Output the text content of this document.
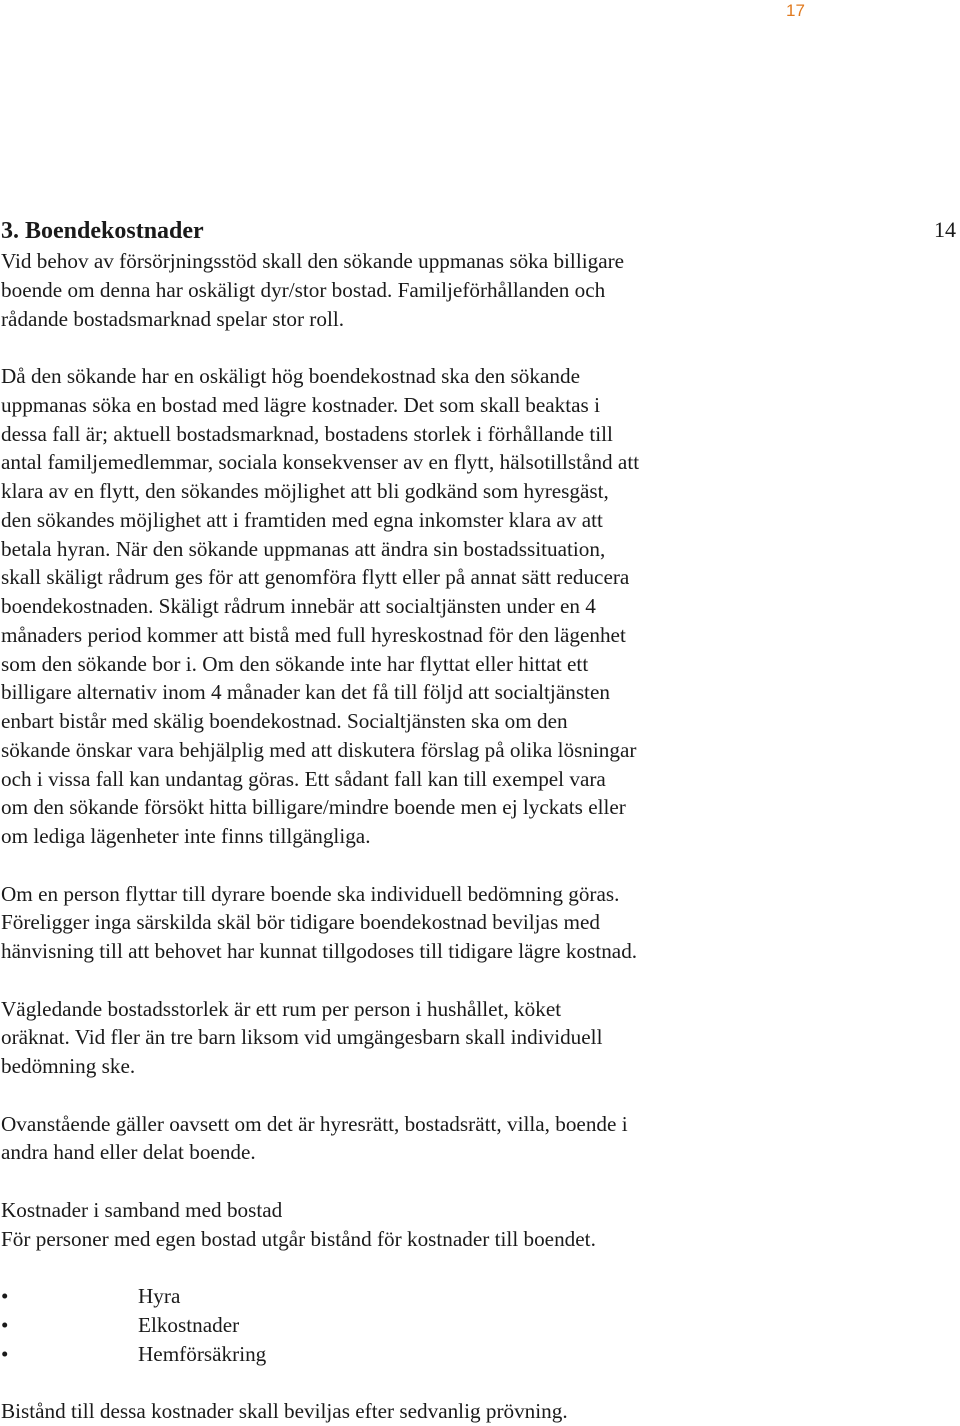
17
14
3. Boendekostnader

Vid behov av försörjningsstöd skall den sökande uppmanas söka billigare
boende om denna har oskäligt dyr/stor bostad. Familjeförhållanden och
rådande bostadsmarknad spelar stor roll.

Då den sökande har en oskäligt hög boendekostnad ska den sökande
uppmanas söka en bostad med lägre kostnader. Det som skall beaktas i
dessa fall är; aktuell bostadsmarknad, bostadens storlek i förhållande till
antal familjemedlemmar, sociala konsekvenser av en flytt, hälsotillstånd att
klara av en flytt, den sökandes möjlighet att bli godkänd som hyresgäst,
den sökandes möjlighet att i framtiden med egna inkomster klara av att
betala hyran. När den sökande uppmanas att ändra sin bostadssituation,
skall skäligt rådrum ges för att genomföra flytt eller på annat sätt reducera
boendekostnaden. Skäligt rådrum innebär att socialtjänsten under en 4
månaders period kommer att bistå med full hyreskostnad för den lägenhet
som den sökande bor i. Om den sökande inte har flyttat eller hittat ett
billigare alternativ inom 4 månader kan det få till följd att socialtjänsten
enbart bistår med skälig boendekostnad. Socialtjänsten ska om den
sökande önskar vara behjälplig med att diskutera förslag på olika lösningar
och i vissa fall kan undantag göras. Ett sådant fall kan till exempel vara
om den sökande försökt hitta billigare/mindre boende men ej lyckats eller
om lediga lägenheter inte finns tillgängliga.

Om en person flyttar till dyrare boende ska individuell bedömning göras.
Föreligger inga särskilda skäl bör tidigare boendekostnad beviljas med
hänvisning till att behovet har kunnat tillgodoses till tidigare lägre kostnad.

Vägledande bostadsstorlek är ett rum per person i hushållet, köket
oräknat. Vid fler än tre barn liksom vid umgängesbarn skall individuell
bedömning ske.

Ovanstående gäller oavsett om det är hyresrätt, bostadsrätt, villa, boende i
andra hand eller delat boende.

Kostnader i samband med bostad
För personer med egen bostad utgår bistånd för kostnader till boendet.

•	Hyra
•	Elkostnader
•	Hemförsäkring

Bistånd till dessa kostnader skall beviljas efter sedvanlig prövning.
